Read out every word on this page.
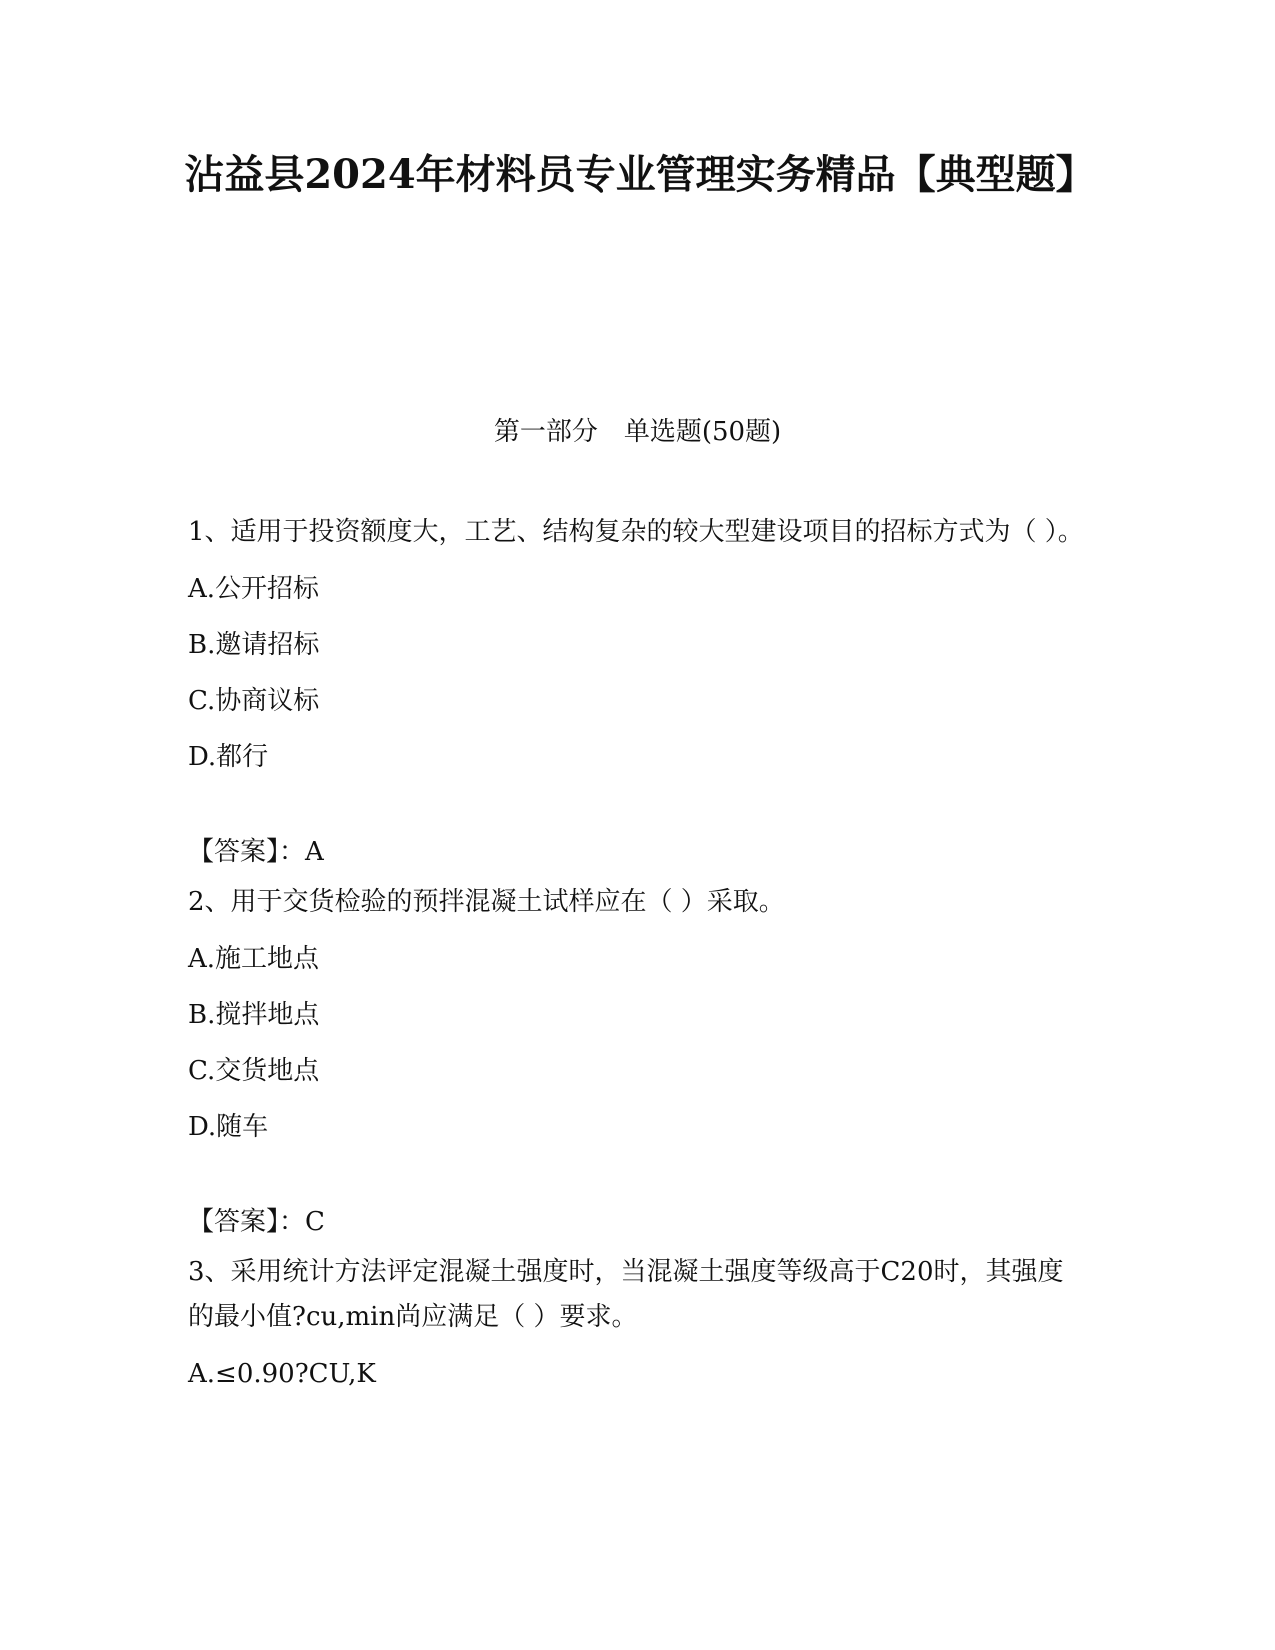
沾益县2024年材料员专业管理实务精品【典型题】

第一部分　单选题(50题)

1、适用于投资额度大，工艺、结构复杂的较大型建设项目的招标方式为（ ）。

A.公开招标

B.邀请招标

C.协商议标

D.都行

【答案】：A

2、用于交货检验的预拌混凝土试样应在（ ）采取。

A.施工地点

B.搅拌地点

C.交货地点

D.随车

【答案】：C

3、采用统计方法评定混凝土强度时，当混凝土强度等级高于C20时，其强度的最小值?cu,min尚应满足（ ）要求。

A.≤0.90?CU,K
